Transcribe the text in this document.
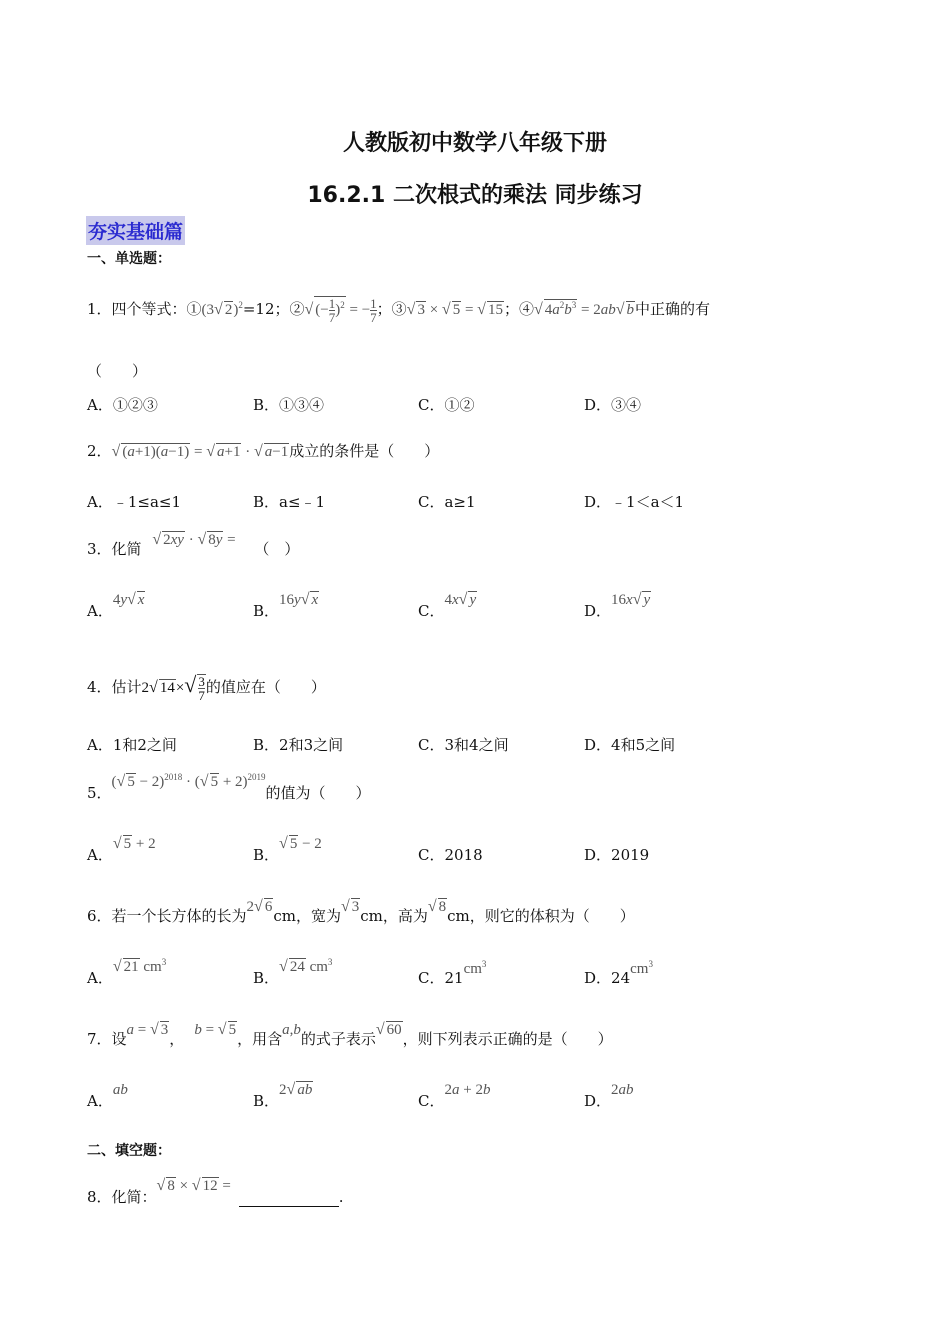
人教版初中数学八年级下册
16.2.1 二次根式的乘法 同步练习
夯实基础篇
一、单选题：
1．四个等式：①(3√ 2)$^2$=12；②√ (− $\frac{1}{7} )^2$ = − $\frac{1}{7}$ ；③√ 3 × √ 5 = √ 15；④√ $4a^2b^3 = 2ab√$ b中正确的有
（　　）
A．①②③	B．①③④	C．①②	D．③④
2．√ (a+1)(a−1) = √ a+1 · √ a−1成立的条件是（　　）
A．﹣1≤a≤1	B．a≤﹣1	C．a≥1	D．﹣1＜a＜1
3．化简 √ 2xy · √ 8y = （　）
A．4y√ x
B．16y√ x
C．4x√ y
D．16x√ y
4．估计2√ $14\times√ \frac{3}{7}$ 的值应在（　　）
A．1和2之间	B．2和3之间	C．3和4之间	D．4和5之间
5．(√ 5 − 2)$^{2018}$ · (√ 5 + 2)$^{2019}$的值为（　　）
A．√ 5 + 2
B．√ 5 − 2
C．2018	D．2019
6．若一个长方体的长为2√ 6cm，宽为√ 3cm，高为√ 8cm，则它的体积为（　　）
A．√ 21 $cm^3$
B．√ 24 $cm^3$
C．$21cm^3$
D．$24cm^3$
7．设a = √ 3， b = √ 5，用含a,b的式子表示√ 60，则下列表示正确的是（　　）
A．ab
B．2√ ab
C．2a + 2b
D．2ab
二、填空题：
8．化简：√ 8 × √ 12 =.
